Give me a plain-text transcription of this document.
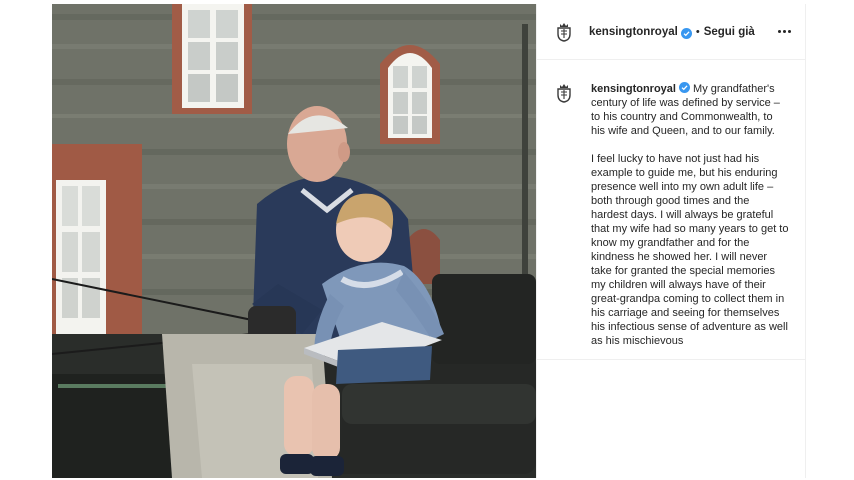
kensingtonroyal • Segui già

kensingtonroyal My grandfather's century of life was defined by service – to his country and Commonwealth, to his wife and Queen, and to our family.

I feel lucky to have not just had his example to guide me, but his enduring presence well into my own adult life – both through good times and the hardest days. I will always be grateful that my wife had so many years to get to know my grandfather and for the kindness he showed her. I will never take for granted the special memories my children will always have of their great-grandpa coming to collect them in his carriage and seeing for themselves his infectious sense of adventure as well as his mischievous
